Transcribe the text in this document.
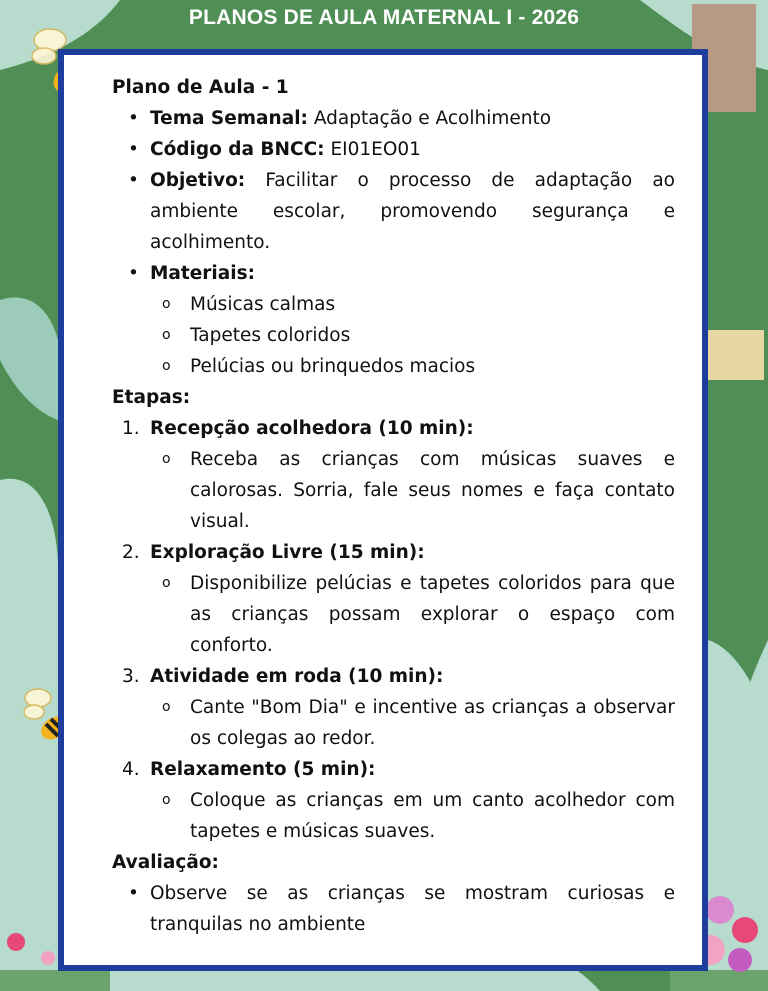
PLANOS DE AULA MATERNAL I - 2026

Plano de Aula - 1

• Tema Semanal: Adaptação e Acolhimento
• Código da BNCC: EI01EO01
• Objetivo: Facilitar o processo de adaptação ao ambiente escolar, promovendo segurança e acolhimento.
• Materiais:
o Músicas calmas
o Tapetes coloridos
o Pelúcias ou brinquedos macios

Etapas:

1. Recepção acolhedora (10 min):
o Receba as crianças com músicas suaves e calorosas. Sorria, fale seus nomes e faça contato visual.
2. Exploração Livre (15 min):
o Disponibilize pelúcias e tapetes coloridos para que as crianças possam explorar o espaço com conforto.
3. Atividade em roda (10 min):
o Cante "Bom Dia" e incentive as crianças a observar os colegas ao redor.
4. Relaxamento (5 min):
o Coloque as crianças em um canto acolhedor com tapetes e músicas suaves.

Avaliação:

• Observe se as crianças se mostram curiosas e tranquilas no ambiente
